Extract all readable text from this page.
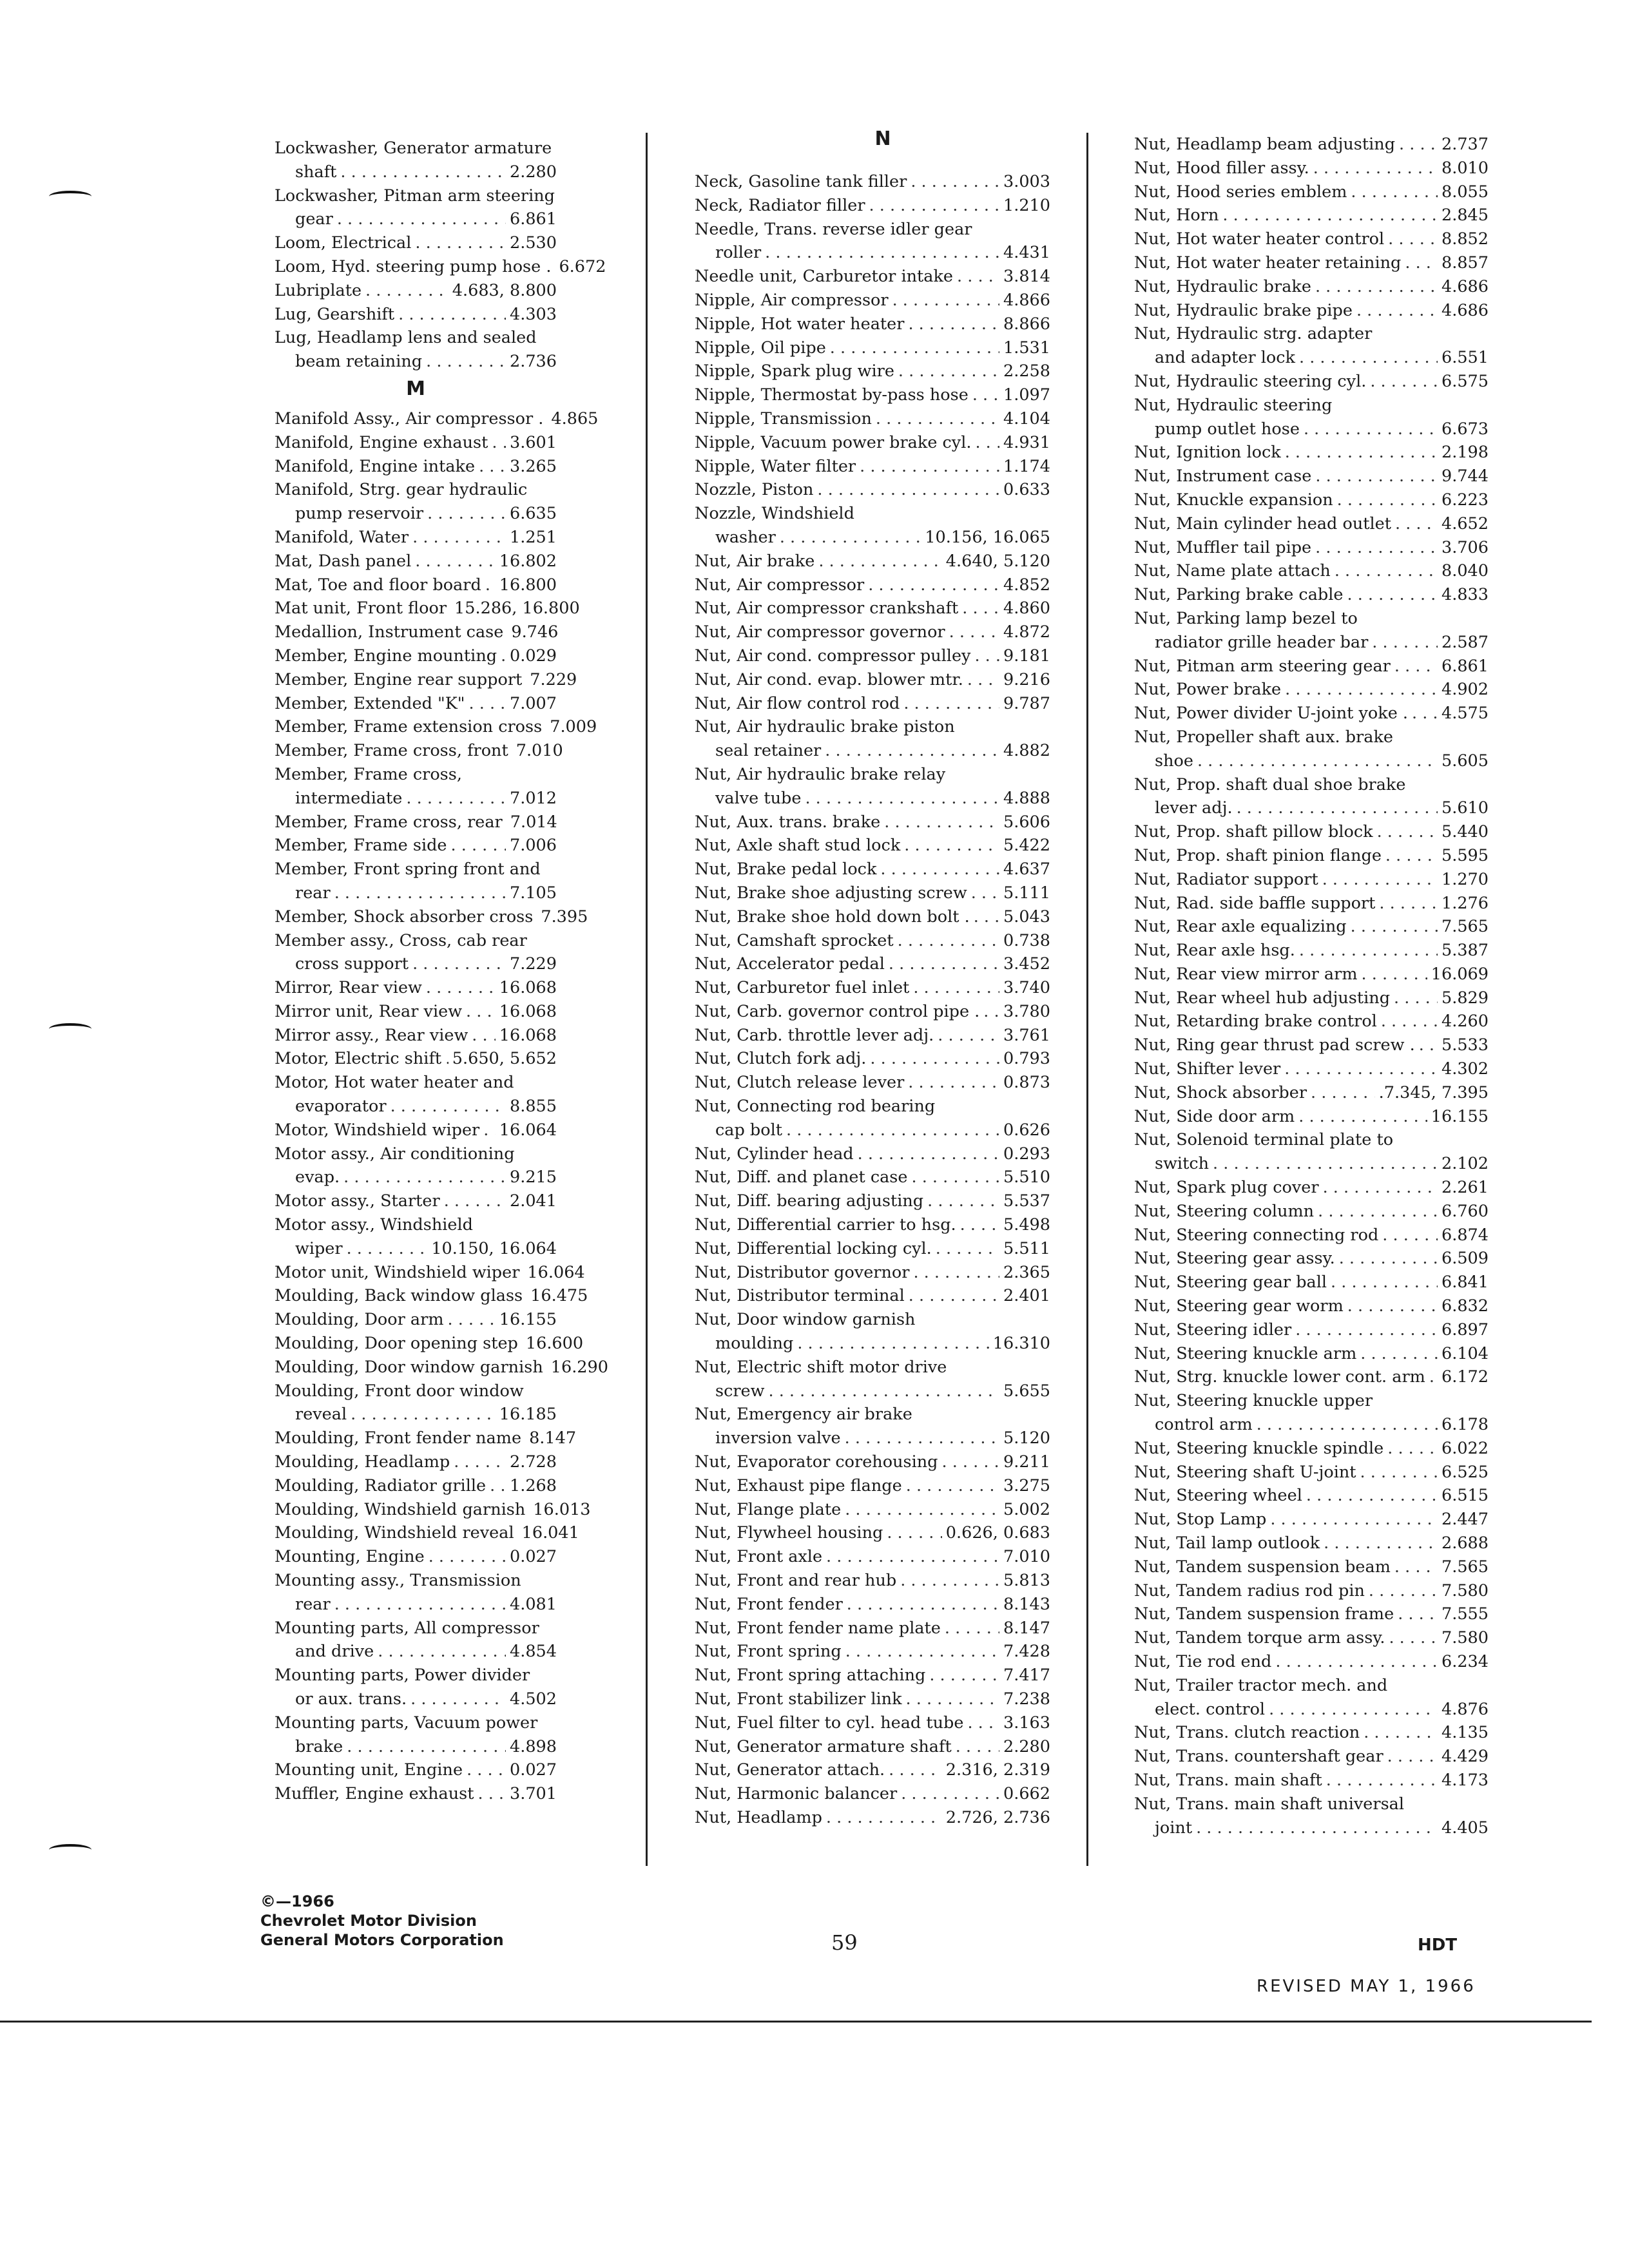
Lockwasher, Generator armature
shaft . . .	2.280
Lockwasher, Pitman arm steering
gear . . .	6.861
Loom, Electrical . . .	2.530
Loom, Hyd. steering pump hose . 6.672
Lubriplate . . .	4.683, 8.800
Lug, Gearshift . . .	4.303
Lug, Headlamp lens and sealed
beam retaining . . .	2.736
M
Manifold Assy., Air compressor . 4.865
Manifold, Engine exhaust . . . 3.601
Manifold, Engine intake . . . 3.265
Manifold, Strg. gear hydraulic
pump reservoir . . .	6.635
Manifold, Water . . .	1.251
Mat, Dash panel . . .	16.802
Mat, Toe and floor board . . . 16.800
Mat unit, Front floor 15.286, 16.800
Medallion, Instrument case 9.746
Member, Engine mounting . . . 0.029
Member, Engine rear support 7.229
Member, Extended "K" . . .	7.007
Member, Frame extension cross 7.009
Member, Frame cross, front 7.010
Member, Frame cross,
intermediate . . .	7.012
Member, Frame cross, rear 7.014
Member, Frame side . . .	7.006
Member, Front spring front and
rear . . .	7.105
Member, Shock absorber cross 7.395
Member assy., Cross, cab rear
cross support . . .	7.229
Mirror, Rear view . . .	16.068
Mirror unit, Rear view . . . 16.068
Mirror assy., Rear view . . . 16.068
Motor, Electric shift . . . 5.650, 5.652
Motor, Hot water heater and
evaporator . . .	8.855
Motor, Windshield wiper . . . 16.064
Motor assy., Air conditioning
evap. . . .	9.215
Motor assy., Starter . . .	2.041
Motor assy., Windshield
wiper . . .	10.150, 16.064
Motor unit, Windshield wiper 16.064
Moulding, Back window glass 16.475
Moulding, Door arm . . .	16.155
Moulding, Door opening step 16.600
Moulding, Door window garnish 16.290
Moulding, Front door window
reveal . . .	16.185
Moulding, Front fender name 8.147
Moulding, Headlamp . . .	2.728
Moulding, Radiator grille . . . 1.268
Moulding, Windshield garnish 16.013
Moulding, Windshield reveal 16.041
Mounting, Engine . . .	0.027
Mounting assy., Transmission
rear . . .	4.081
Mounting parts, All compressor
and drive . . .	4.854
Mounting parts, Power divider
or aux. trans. . . .	4.502
Mounting parts, Vacuum power
brake . . .	4.898
Mounting unit, Engine . . .	0.027
Muffler, Engine exhaust . . . 3.701
N
Neck, Gasoline tank filler . . .	3.003
Neck, Radiator filler . . .	1.210
Needle, Trans. reverse idler gear
roller . . .	4.431
Needle unit, Carburetor intake . . .	3.814
Nipple, Air compressor . . .	4.866
Nipple, Hot water heater . . .	8.866
Nipple, Oil pipe . . .	1.531
Nipple, Spark plug wire . . .	2.258
Nipple, Thermostat by-pass hose . . . 1.097
Nipple, Transmission . . .	4.104
Nipple, Vacuum power brake cyl. . . . 4.931
Nipple, Water filter . . .	1.174
Nozzle, Piston . . .	0.633
Nozzle, Windshield
washer . . .	10.156, 16.065
Nut, Air brake . . .	4.640, 5.120
Nut, Air compressor . . .	4.852
Nut, Air compressor crankshaft . . .	4.860
Nut, Air compressor governor . . .	4.872
Nut, Air cond. compressor pulley . . . 9.181
Nut, Air cond. evap. blower mtr. . . . 9.216
Nut, Air flow control rod . . .	9.787
Nut, Air hydraulic brake piston
seal retainer . . .	4.882
Nut, Air hydraulic brake relay
valve tube . . .	4.888
Nut, Aux. trans. brake . . .	5.606
Nut, Axle shaft stud lock . . .	5.422
Nut, Brake pedal lock . . .	4.637
Nut, Brake shoe adjusting screw . . . 5.111
Nut, Brake shoe hold down bolt . . . . 5.043
Nut, Camshaft sprocket . . .	0.738
Nut, Accelerator pedal . . .	3.452
Nut, Carburetor fuel inlet . . .	3.740
Nut, Carb. governor control pipe . . . . 3.780
Nut, Carb. throttle lever adj. . . .	3.761
Nut, Clutch fork adj. . . .	0.793
Nut, Clutch release lever . . .	0.873
Nut, Connecting rod bearing
cap bolt . . .	0.626
Nut, Cylinder head . . .	0.293
Nut, Diff. and planet case . . .	5.510
Nut, Diff. bearing adjusting . . .	5.537
Nut, Differential carrier to hsg. . . .	5.498
Nut, Differential locking cyl. . . .	5.511
Nut, Distributor governor . . .	2.365
Nut, Distributor terminal . . .	2.401
Nut, Door window garnish
moulding . . .	16.310
Nut, Electric shift motor drive
screw . . .	5.655
Nut, Emergency air brake
inversion valve . . .	5.120
Nut, Evaporator corehousing . . .	9.211
Nut, Exhaust pipe flange . . .	3.275
Nut, Flange plate . . .	5.002
Nut, Flywheel housing . . .	0.626, 0.683
Nut, Front axle . . .	7.010
Nut, Front and rear hub . . .	5.813
Nut, Front fender . . .	8.143
Nut, Front fender name plate . . .	8.147
Nut, Front spring . . .	7.428
Nut, Front spring attaching . . .	7.417
Nut, Front stabilizer link . . .	7.238
Nut, Fuel filter to cyl. head tube . . . 3.163
Nut, Generator armature shaft . . .	2.280
Nut, Generator attach. . . .	2.316, 2.319
Nut, Harmonic balancer . . .	0.662
Nut, Headlamp . . .	2.726, 2.736
Nut, Headlamp beam adjusting . . .	2.737
Nut, Hood filler assy. . . .	8.010
Nut, Hood series emblem . . .	8.055
Nut, Horn . . .	2.845
Nut, Hot water heater control . . .	8.852
Nut, Hot water heater retaining . . . 8.857
Nut, Hydraulic brake . . .	4.686
Nut, Hydraulic brake pipe . . .	4.686
Nut, Hydraulic strg. adapter
and adapter lock . . .	6.551
Nut, Hydraulic steering cyl. . . .	6.575
Nut, Hydraulic steering
pump outlet hose . . .	6.673
Nut, Ignition lock . . .	2.198
Nut, Instrument case . . .	9.744
Nut, Knuckle expansion . . .	6.223
Nut, Main cylinder head outlet . . .	4.652
Nut, Muffler tail pipe . . .	3.706
Nut, Name plate attach . . .	8.040
Nut, Parking brake cable . . .	4.833
Nut, Parking lamp bezel to
radiator grille header bar . . .	2.587
Nut, Pitman arm steering gear . . .	6.861
Nut, Power brake . . .	4.902
Nut, Power divider U-joint yoke . . . . 4.575
Nut, Propeller shaft aux. brake
shoe . . .	5.605
Nut, Prop. shaft dual shoe brake
lever adj. . . .	5.610
Nut, Prop. shaft pillow block . . .	5.440
Nut, Prop. shaft pinion flange . . .	5.595
Nut, Radiator support . . .	1.270
Nut, Rad. side baffle support . . .	1.276
Nut, Rear axle equalizing . . .	7.565
Nut, Rear axle hsg. . . .	5.387
Nut, Rear view mirror arm . . .	16.069
Nut, Rear wheel hub adjusting . . .	5.829
Nut, Retarding brake control . . .	4.260
Nut, Ring gear thrust pad screw . . . . 5.533
Nut, Shifter lever . . .	4.302
Nut, Shock absorber . . .	.7.345, 7.395
Nut, Side door arm . . .	16.155
Nut, Solenoid terminal plate to
switch . . .	2.102
Nut, Spark plug cover . . .	2.261
Nut, Steering column . . .	6.760
Nut, Steering connecting rod . . .	6.874
Nut, Steering gear assy. . . .	6.509
Nut, Steering gear ball . . .	6.841
Nut, Steering gear worm . . .	6.832
Nut, Steering idler . . .	6.897
Nut, Steering knuckle arm . . .	6.104
Nut, Strg. knuckle lower cont. arm . . . 6.172
Nut, Steering knuckle upper
control arm . . .	6.178
Nut, Steering knuckle spindle . . .	6.022
Nut, Steering shaft U-joint . . .	6.525
Nut, Steering wheel . . .	6.515
Nut, Stop Lamp . . .	2.447
Nut, Tail lamp outlook . . .	2.688
Nut, Tandem suspension beam . . .	7.565
Nut, Tandem radius rod pin . . .	7.580
Nut, Tandem suspension frame . . .	7.555
Nut, Tandem torque arm assy. . . .	7.580
Nut, Tie rod end . . .	6.234
Nut, Trailer tractor mech. and
elect. control . . .	4.876
Nut, Trans. clutch reaction . . .	4.135
Nut, Trans. countershaft gear . . .	4.429
Nut, Trans. main shaft . . .	4.173
Nut, Trans. main shaft universal
joint . . .	4.405
©—1966
Chevrolet Motor Division
General Motors Corporation	59	HDT
REVISED MAY 1, 1966
